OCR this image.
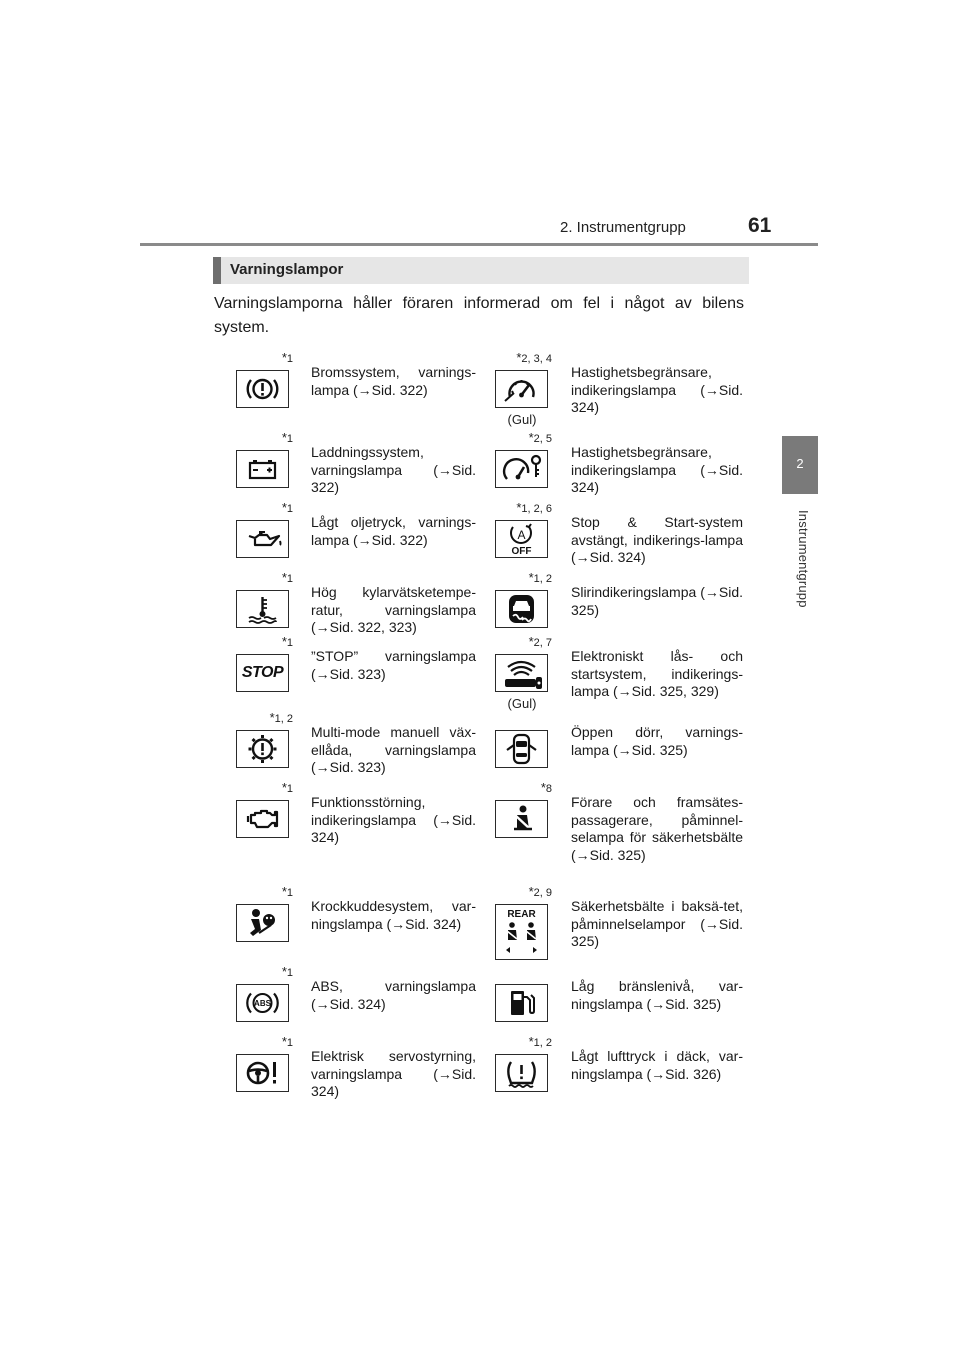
2. Instrumentgrupp	61
2
Instrumentgrupp
Varningslampor
Varningslamporna håller föraren informerad om fel i något av bilens system.
*1
Bromssystem, varnings-lampa (→Sid. 322)
*2, 3, 4
(Gul)
Hastighetsbegränsare, indikeringslampa (→Sid. 324)
*1
Laddningssystem, varningslampa (→Sid. 322)
*2, 5
Hastighetsbegränsare, indikeringslampa (→Sid. 324)
*1
Lågt oljetryck, varnings-lampa (→Sid. 322)
*1, 2, 6
A
OFF
Stop & Start-system avstängt, indikerings-lampa (→Sid. 324)
*1
Hög kylarvätsketempe-ratur, varningslampa (→Sid. 322, 323)
*1, 2
Slirindikeringslampa (→Sid. 325)
*1
STOP
”STOP” varningslampa (→Sid. 323)
*2, 7
(Gul)
Elektroniskt lås- och startsystem, indikerings-lampa (→Sid. 325, 329)
*1, 2
Multi-mode manuell väx-ellåda, varningslampa (→Sid. 323)
Öppen dörr, varnings-lampa (→Sid. 325)
*1
Funktionsstörning, indikeringslampa (→Sid. 324)
*8
Förare och framsätes-passagerare, påminnel-selampa för säkerhetsbälte (→Sid. 325)
*1
Krockkuddesystem, var-ningslampa (→Sid. 324)
*2, 9
REAR
Säkerhetsbälte i baksä-tet, påminnelselampor (→Sid. 325)
*1
ABS
ABS, varningslampa (→Sid. 324)
Låg bränslenivå, var-ningslampa (→Sid. 325)
*1
Elektrisk servostyrning, varningslampa (→Sid. 324)
*1, 2
Lågt lufttryck i däck, var-ningslampa (→Sid. 326)
